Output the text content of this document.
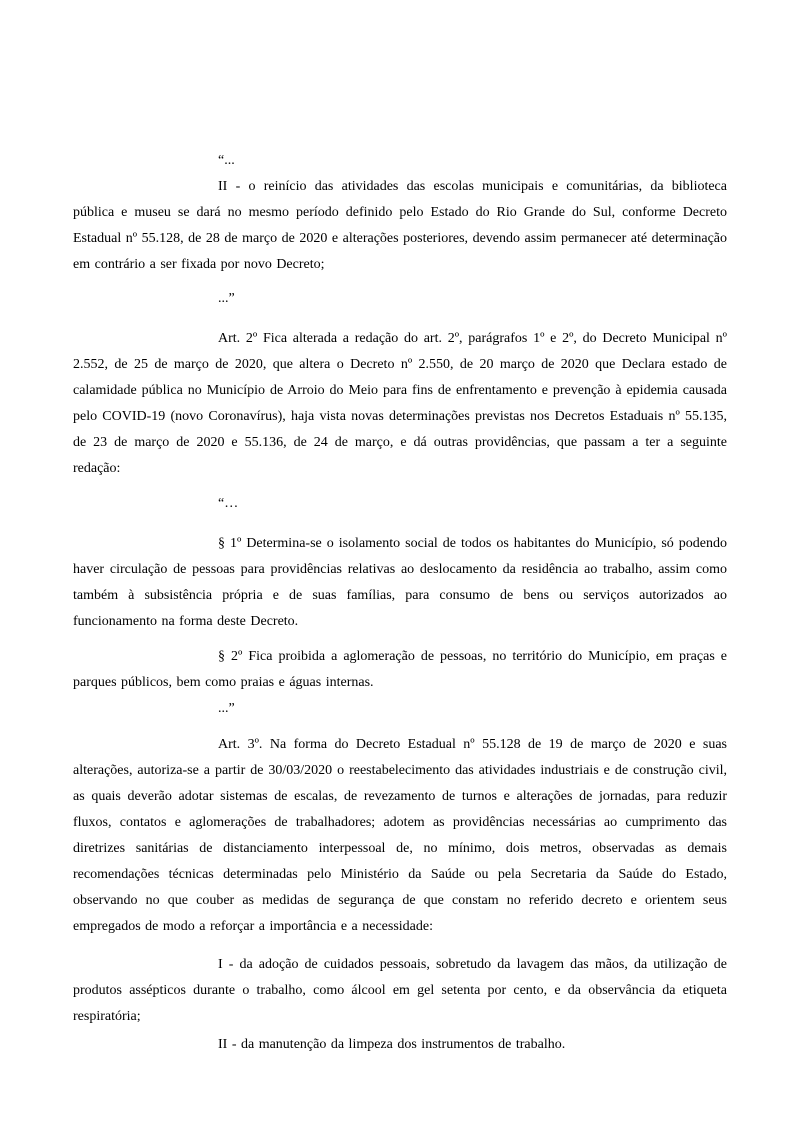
“...

II - o reinício das atividades das escolas municipais e comunitárias, da biblioteca pública e museu se dará no mesmo período definido pelo Estado do Rio Grande do Sul, conforme Decreto Estadual nº 55.128, de 28 de março de 2020 e alterações posteriores, devendo assim permanecer até determinação em contrário a ser fixada por novo Decreto;

...”

Art. 2º Fica alterada a redação do art. 2º, parágrafos 1º e 2º, do Decreto Municipal nº 2.552, de 25 de março de 2020, que altera o Decreto nº 2.550, de 20 março de 2020 que Declara estado de calamidade pública no Município de Arroio do Meio para fins de enfrentamento e prevenção à epidemia causada pelo COVID-19 (novo Coronavírus), haja vista novas determinações previstas nos Decretos Estaduais nº 55.135, de 23 de março de 2020 e 55.136, de 24 de março, e dá outras providências, que passam a ter a seguinte redação:

“…

§ 1º Determina-se o isolamento social de todos os habitantes do Município, só podendo haver circulação de pessoas para providências relativas ao deslocamento da residência ao trabalho, assim como também à subsistência própria e de suas famílias, para consumo de bens ou serviços autorizados ao funcionamento na forma deste Decreto.

§ 2º Fica proibida a aglomeração de pessoas, no território do Município, em praças e parques públicos, bem como praias e águas internas.

...”

Art. 3º. Na forma do Decreto Estadual nº 55.128 de 19 de março de 2020 e suas alterações, autoriza-se a partir de 30/03/2020 o reestabelecimento das atividades industriais e de construção civil, as quais deverão adotar sistemas de escalas, de revezamento de turnos e alterações de jornadas, para reduzir fluxos, contatos e aglomerações de trabalhadores; adotem as providências necessárias ao cumprimento das diretrizes sanitárias de distanciamento interpessoal de, no mínimo, dois metros, observadas as demais recomendações técnicas determinadas pelo Ministério da Saúde ou pela Secretaria da Saúde do Estado, observando no que couber as medidas de segurança de que constam no referido decreto e orientem seus empregados de modo a reforçar a importância e a necessidade:

I - da adoção de cuidados pessoais, sobretudo da lavagem das mãos, da utilização de produtos assépticos durante o trabalho, como álcool em gel setenta por cento, e da observância da etiqueta respiratória;

II - da manutenção da limpeza dos instrumentos de trabalho.
